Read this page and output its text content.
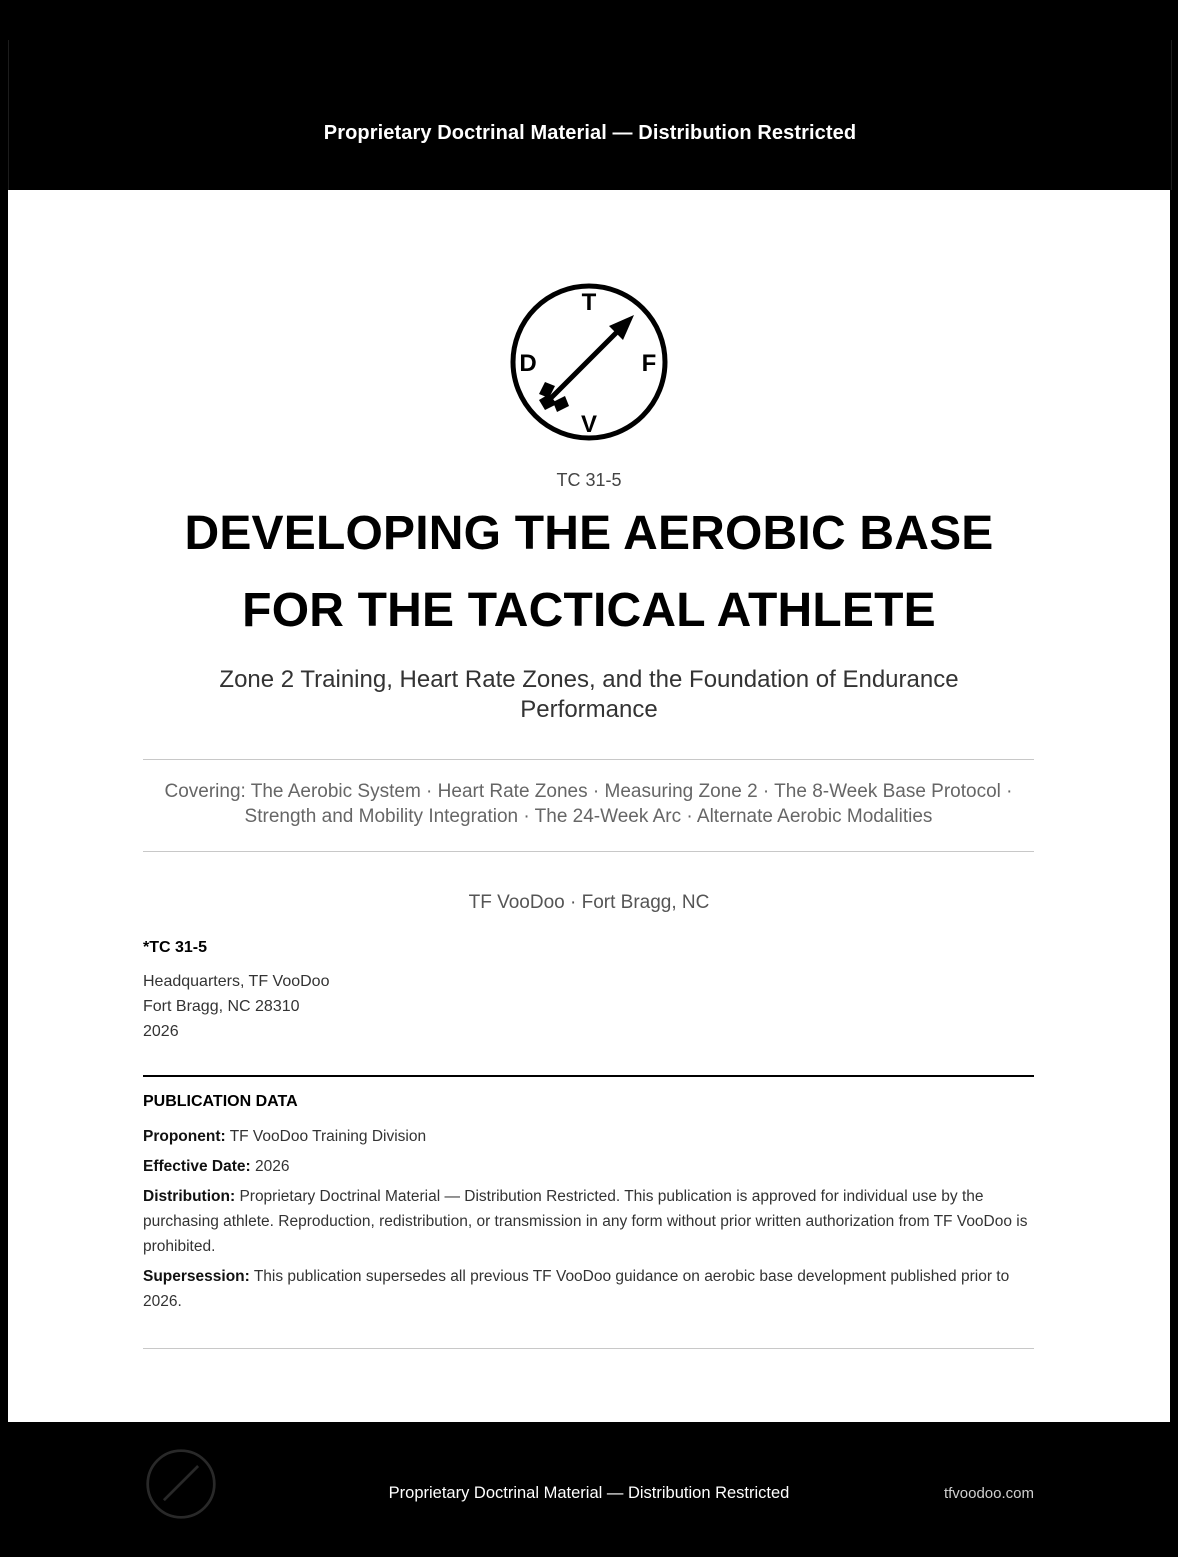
Proprietary Doctrinal Material — Distribution Restricted
T
F
V
D
TC 31-5
DEVELOPING THE AEROBIC BASE
FOR THE TACTICAL ATHLETE
Zone 2 Training, Heart Rate Zones, and the Foundation of Endurance Performance
Covering: The Aerobic System · Heart Rate Zones · Measuring Zone 2 · The 8-Week Base Protocol · Strength and Mobility Integration · The 24-Week Arc · Alternate Aerobic Modalities
TF VooDoo · Fort Bragg, NC
*TC 31-5
Headquarters, TF VooDoo
Fort Bragg, NC 28310
2026
PUBLICATION DATA
Proponent: TF VooDoo Training Division
Effective Date: 2026
Distribution: Proprietary Doctrinal Material — Distribution Restricted. This publication is approved for individual use by the purchasing athlete. Reproduction, redistribution, or transmission in any form without prior written authorization from TF VooDoo is prohibited.
Supersession: This publication supersedes all previous TF VooDoo guidance on aerobic base development published prior to 2026.
Proprietary Doctrinal Material — Distribution Restricted	tfvoodoo.com
